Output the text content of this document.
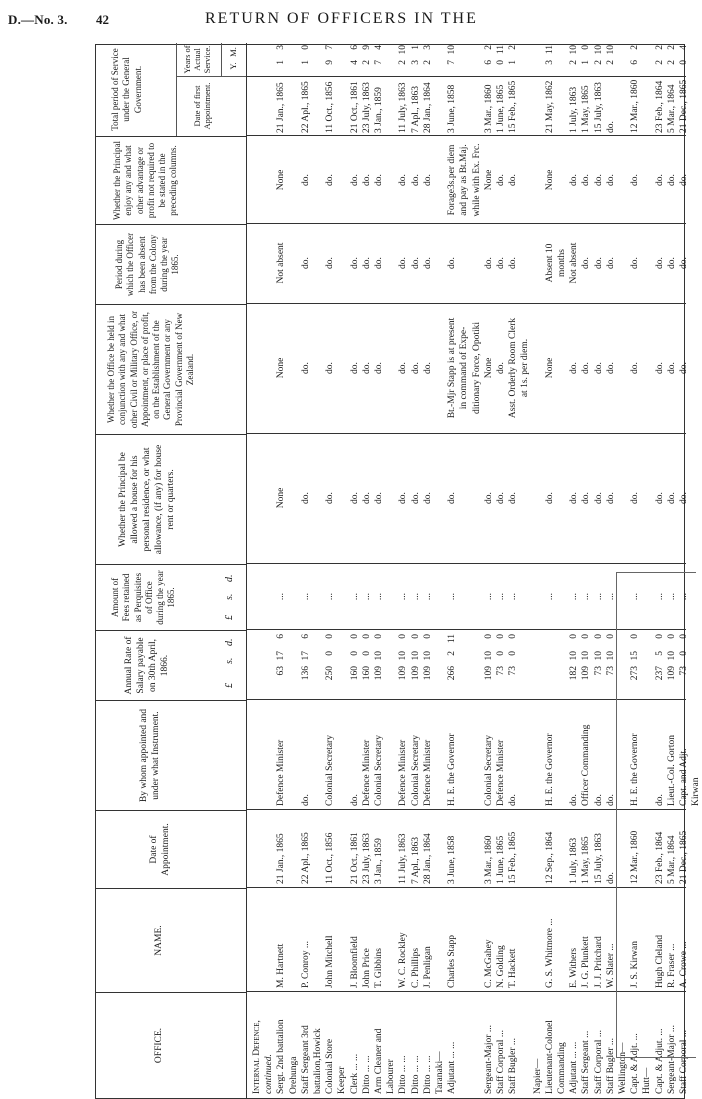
D.—No. 3. 42	RETURN OF OFFICERS IN THE
OFFICE.
NAME.
Date of Appointment.
By whom appointed and under what Instrument.
Annual Rate of Salary payable on 30th April, 1866.
Amount of Fees retained as Perquisites of Office during the year 1865.
Whether the Principal be allowed a house for his personal residence, or what allowance, (if any) for house rent or quarters.
Whether the Office be held in conjunction with any and what other Civil or Military Office, or Appointment, or place of profit, on the Establishment of the General Government or any Provincial Government of New Zealand.
Period during which the Officer has been absent from the Colony during the year 1865.
Whether the Principal enjoy any and what other advantage or profit not required to be stated in the preceding columns.
Total period of Service under the General Government.	Date of first Appointment.
Years of Actual Service. Y.
M.
£
s.
d.
£
s.
d.
Internal Defence, continued. Sergt. 2nd battalion
M. Hartnett
21 Jan., 1865
Defence Minister
63
17
6
...
None
None
Not absent
None
21 Jan., 1865
1
3
Orehunga Staff Sergeant 3rd
P. Conroy ...
22 Apl., 1865
do.
136
17
6
...
do.
do.
do.
do.
22 Apl., 1865
1
0
battalion,Howick Colonial Store
John Mitchell
11 Oct., 1856
Colonial Secretary
250
0
0
...
do.
do.
do.
do.
11 Oct., 1856
9
7
Keeper Clerk ... ...
J. Bloomfield
21 Oct., 1861
do.
160
0
0
...
do.
do.
do.
do.
21 Oct., 1861
4
6
Ditto ... ...
John Price
23 July, 1863
Defence Minister
160
0
0
...
do.
do.
do.
do.
23 July, 1863
2
9
Arm Cleaner and
T. Gibbins
3 Jan., 1859
Colonial Secretary
109
10
0
...
do.
do.
do.
do.
3 Jan., 1859
7
4
Labourer Ditto ... ...
W. C. Rockley
11 July, 1863
Defence Minister
109
10
0
...
do.
do.
do.
do.
11 July, 1863
2
10
Ditto ... ...
C. Phillips
7 Apl., 1863
Colonial Secretary
109
10
0
...
do.
do.
do.
do.
7 Apl., 1863
3
1
Ditto ... ...
J. Penligan
28 Jan., 1864
Defence Minister
109
10
0
...
do.
do.
do.
do.
28 Jan., 1864
2
3
Taranaki— Adjutant ... ...
Charles Stapp
3 June, 1858
H. E. the Governor
266
2
11
...
do.
Bt.-Mjr Stapp is at present
do.
Forage3s.per diem
3 June, 1858
7
10
in command of Expe-
and pay as Bt.Maj.
ditionary Force, Opotiki
while with Ex. Frc.
Sergeant-Major ...
C. McGahey
3 Mar., 1860
Colonial Secretary
109
10
0
...
do.
None
do.
None
3 Mar., 1860
6
2
Staff Corporal ...
N. Golding
1 June, 1865
Defence Minister
73
0
0
...
do.
do.
do.
do.
1 June, 1865
0
11
Staff Bugler ...
T. Hackett
15 Feb., 1865
do.
73
0
0
...
do.
Asst. Orderly Room Clerk
do.
do.
15 Feb., 1865
1
2
at 1s. per diem.
Napier— Lieutenant-Colonel
G. S. Whitmore ...
12 Sep., 1864
H. E. the Governor
...
do.
None
Absent 10
None
21 May, 1862
3
11
Commanding
months
Adjutant ... ...
E. Withers
1 July, 1863
do.
182
10
0
...
do.
do.
Not absent
do.
1 July, 1863
2
10
Staff Sergeant ...
J. G. Plunkett
1 May, 1865
Officer Commanding
109
10
0
...
do.
do.
do.
do.
1 May, 1865
1
0
Staff Corporal ...
J. J. Pritchard
15 July, 1863
do.
73
10
0
...
do.
do.
do.
do.
15 July, 1863
2
10
Staff Bugler ...
W. Slater ...
do.
do.
73
10
0
...
do.
do.
do.
do.
do.
2
10
Wellington— Capt. & Adjt. ...
J. S. Kirwan
12 Mar., 1860
H. E. the Governor
273
15
0
...
do.
do.
do.
do.
12 Mar., 1860
6
2
Hutt— Capt. & Adjut. ...
Hugh Cleland
23 Feb., 1864
do.
237
5
0
...
do.
do.
do.
do.
23 Feb., 1864
2
2
Sergeant-Major ...
R. Fraser ...
5 Mar., 1864
Lieut.-Col. Gorton
109
10
0
...
do.
do.
do.
do.
5 Mar., 1864
2
2
Staff Corporal ...
A. Crowe ...
21 Dec., 1865
Capt. and Adjt.
73
0
0
...
do.
do.
do.
do.
21 Dec., 1865
0
4
Kirwan
